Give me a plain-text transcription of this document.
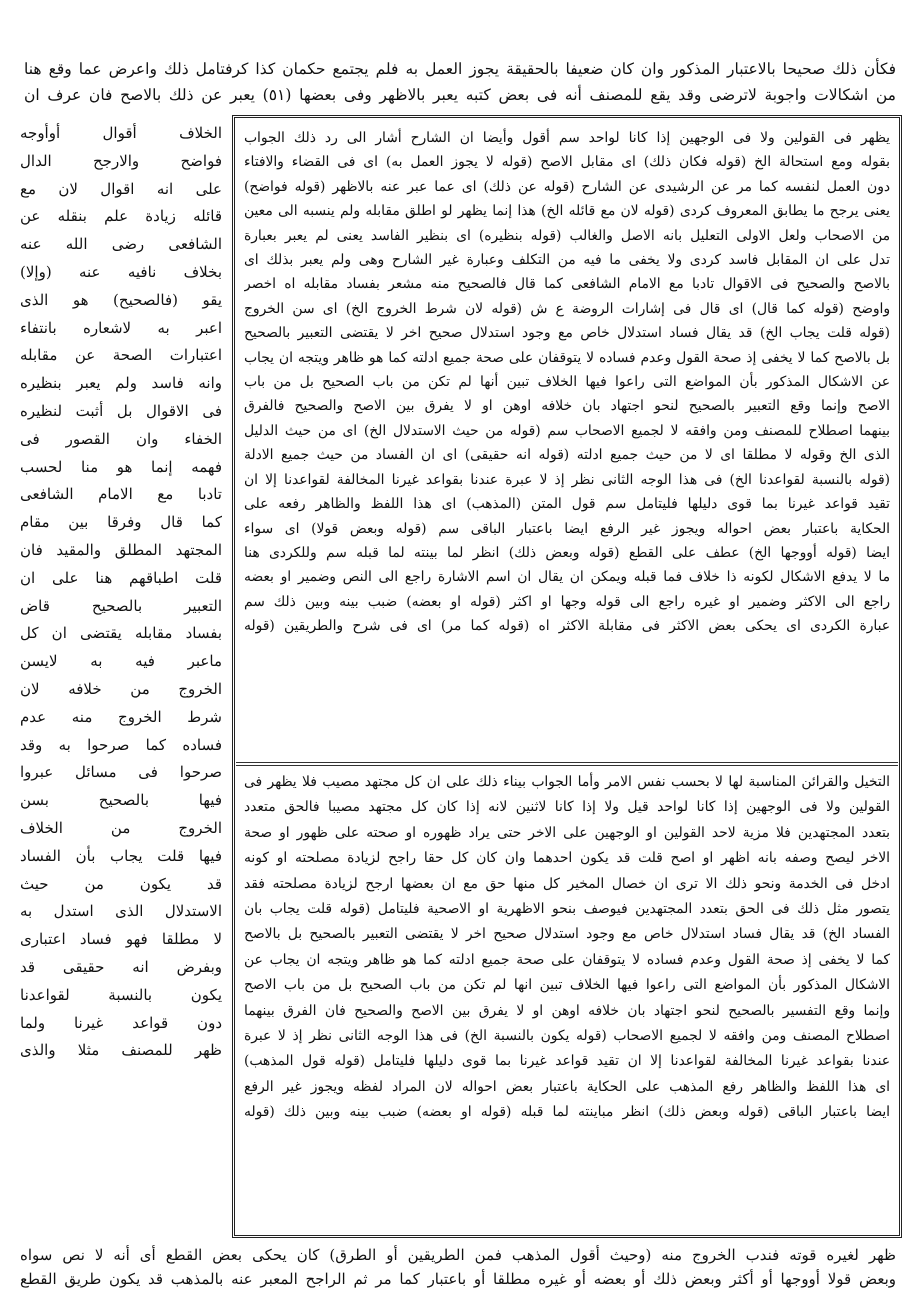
فكأن ذلك صحيحا بالاعتبار المذكور وان كان ضعيفا بالحقيقة يجوز العمل به فلم يجتمع حكمان كذا كرفتامل ذلك واعرض عما وقع هنا

من اشكالات واجوبة لاترضى وقد يقع للمصنف أنه فى بعض كتبه يعبر بالاظهر وفى بعضها (٥١) يعبر عن ذلك بالاصح فان عرف ان

الخلاف أقوال أوأوجه

فواضح والارجح الدال

على انه اقوال لان مع

قائله زيادة علم بنقله عن

الشافعى رضى الله عنه

بخلاف نافيه عنه (وإلا)

يقو (فالصحيح) هو الذى

اعبر به لاشعاره بانتفاء

اعتبارات الصحة عن مقابله

وانه فاسد ولم يعبر بنظيره

فى الاقوال بل أثبت لنظيره

الخفاء وان القصور فى

فهمه إنما هو منا لحسب

تادبا مع الامام الشافعى

كما قال وفرقا بين مقام

المجتهد المطلق والمقيد فان

قلت اطباقهم هنا على ان

التعبير بالصحيح قاض

بفساد مقابله يقتضى ان كل

ماعبر فيه به لايسن

الخروج من خلافه لان

شرط الخروج منه عدم

فساده كما صرحوا به وقد

صرحوا فى مسائل عبروا

فيها بالصحيح بسن

الخروج من الخلاف

فيها قلت يجاب بأن الفساد

قد يكون من حيث

الاستدلال الذى استدل به

لا مطلقا فهو فساد اعتبارى

وبفرض انه حقيقى قد

يكون بالنسبة لقواعدنا

دون قواعد غيرنا ولما

ظهر للمصنف مثلا والذى

يظهر فى القولين ولا فى الوجهين إذا كانا لواحد سم أقول وأيضا ان الشارح أشار الى رد ذلك الجواب

بقوله ومع استحالة الخ (قوله فكان ذلك) اى مقابل الاصح (قوله لا يجوز العمل به) اى فى القضاء والافتاء

دون العمل لنفسه كما مر عن الرشيدى عن الشارح (قوله عن ذلك) اى عما عبر عنه بالاظهر (قوله فواضح)

يعنى يرجح ما يطابق المعروف كردى (قوله لان مع قائله الخ) هذا إنما يظهر لو اطلق مقابله ولم ينسبه الى معين

من الاصحاب ولعل الاولى التعليل بانه الاصل والغالب (قوله بنظيره) اى بنظير الفاسد يعنى لم يعبر بعبارة

تدل على ان المقابل فاسد كردى ولا يخفى ما فيه من التكلف وعبارة غير الشارح وهى ولم يعبر بذلك اى

بالاصح والصحيح فى الاقوال تادبا مع الامام الشافعى كما قال فالصحيح منه مشعر بفساد مقابله اه اخصر

واوضح (قوله كما قال) اى قال فى إشارات الروضة ع ش (قوله لان شرط الخروج الخ) اى سن الخروج

(قوله قلت يجاب الخ) قد يقال فساد استدلال خاص مع وجود استدلال صحيح اخر لا يقتضى التعبير بالصحيح

بل بالاصح كما لا يخفى إذ صحة القول وعدم فساده لا يتوقفان على صحة جميع ادلته كما هو ظاهر ويتجه ان يجاب

عن الاشكال المذكور بأن المواضع التى راعوا فيها الخلاف تبين أنها لم تكن من باب الصحيح بل من باب

الاصح وإنما وقع التعبير بالصحيح لنحو اجتهاد بان خلافه اوهن او لا يفرق بين الاصح والصحيح فالفرق

بينهما اصطلاح للمصنف ومن وافقه لا لجميع الاصحاب سم (قوله من حيث الاستدلال الخ) اى من حيث الدليل

الذى الخ وقوله لا مطلقا اى لا من حيث جميع ادلته (قوله انه حقيقى) اى ان الفساد من حيث جميع الادلة

(قوله بالنسبة لقواعدنا الخ) فى هذا الوجه الثانى نظر إذ لا عبرة عندنا بقواعد غيرنا المخالفة لقواعدنا إلا ان

تقيد قواعد غيرنا بما قوى دليلها فليتامل سم قول المتن (المذهب) اى هذا اللفظ والظاهر رفعه على

الحكاية باعتبار بعض احواله ويجوز غير الرفع ايضا باعتبار الباقى سم (قوله وبعض قولا) اى سواء

ايضا (قوله أووجها الخ) عطف على القطع (قوله وبعض ذلك) انظر لما بينته لما قبله سم وللكردى هنا

ما لا يدفع الاشكال لكونه ذا خلاف فما قبله ويمكن ان يقال ان اسم الاشارة راجع الى النص وضمير او بعضه

راجع الى الاكثر وضمير او غيره راجع الى قوله وجها او اكثر (قوله او بعضه) ضبب بينه وبين ذلك سم

عبارة الكردى اى يحكى بعض الاكثر فى مقابلة الاكثر اه (قوله كما مر) اى فى شرح والطريقين (قوله

التخيل والقرائن المناسبة لها لا بحسب نفس الامر وأما الجواب بيناء ذلك على ان كل مجتهد مصيب فلا يظهر فى

القولين ولا فى الوجهين إذا كانا لواحد قيل ولا إذا كانا لاثنين لانه إذا كان كل مجتهد مصيبا فالحق متعدد

بتعدد المجتهدين فلا مزية لاحد القولين او الوجهين على الاخر حتى يراد ظهوره او صحته على ظهور او صحة

الاخر ليصح وصفه بانه اظهر او اصح قلت قد يكون احدهما وان كان كل حقا راجح لزيادة مصلحته او كونه

ادخل فى الخدمة ونحو ذلك الا ترى ان خصال المخير كل منها حق مع ان بعضها ارجح لزيادة مصلحته فقد

يتصور مثل ذلك فى الحق بتعدد المجتهدين فيوصف بنحو الاظهرية او الاصحية فليتامل (قوله قلت يجاب بان

الفساد الخ) قد يقال فساد استدلال خاص مع وجود استدلال صحيح اخر لا يقتضى التعبير بالصحيح بل بالاصح

كما لا يخفى إذ صحة القول وعدم فساده لا يتوقفان على صحة جميع ادلته كما هو ظاهر ويتجه ان يجاب عن

الاشكال المذكور بأن المواضع التى راعوا فيها الخلاف تبين انها لم تكن من باب الصحيح بل من باب الاصح

وإنما وقع التفسير بالصحيح لنحو اجتهاد بان خلافه اوهن او لا يفرق بين الاصح والصحيح فان الفرق بينهما

اصطلاح المصنف ومن وافقه لا لجميع الاصحاب (قوله يكون بالنسبة الخ) فى هذا الوجه الثانى نظر إذ لا عبرة

عندنا بقواعد غيرنا المخالفة لقواعدنا إلا ان تقيد قواعد غيرنا بما قوى دليلها فليتامل (قوله قول المذهب)

اى هذا اللفظ والظاهر رفع المذهب على الحكاية باعتبار بعض احواله لان المراد لفظه ويجوز غير الرفع

ايضا باعتبار الباقى (قوله وبعض ذلك) انظر مباينته لما قبله (قوله او بعضه) ضبب بينه وبين ذلك (قوله

ظهر لغيره قوته فندب الخروج منه (وحيث أقول المذهب فمن الطريقين أو الطرق) كان يحكى بعض القطع أى أنه لا نص سواه

وبعض قولا أووجها أو أكثر وبعض ذلك أو بعضه أو غيره مطلقا أو باعتبار كما مر ثم الراجح المعبر عنه بالمذهب قد يكون طريق القطع
